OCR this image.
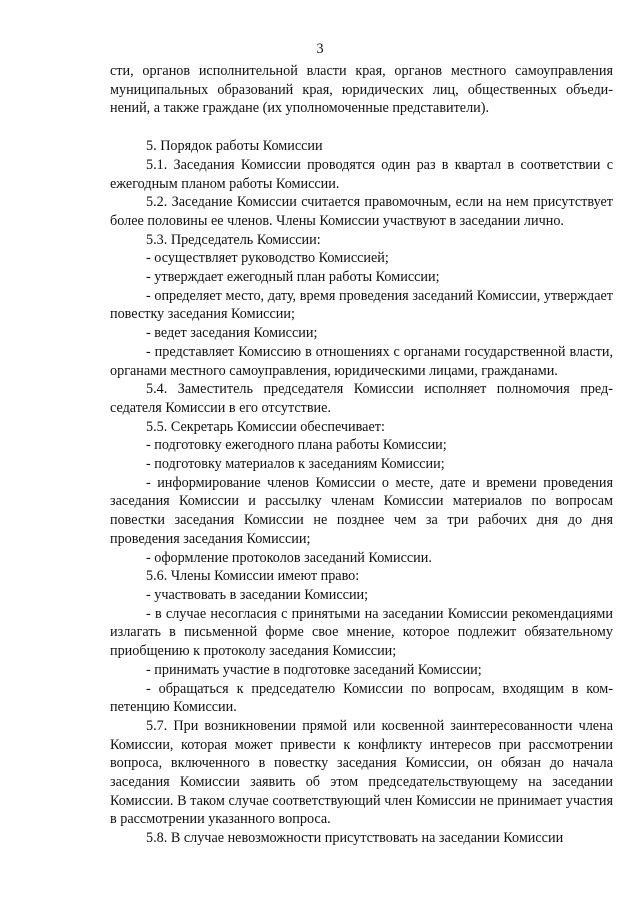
3

сти, органов исполнительной власти края, органов местного самоуправления муниципальных образований края, юридических лиц, общественных объединений, а также граждане (их уполномоченные представители).

5. Порядок работы Комиссии

5.1. Заседания Комиссии проводятся один раз в квартал в соответствии с ежегодным планом работы Комиссии.

5.2. Заседание Комиссии считается правомочным, если на нем присутствует более половины ее членов. Члены Комиссии участвуют в заседании лично.

5.3. Председатель Комиссии:

- осуществляет руководство Комиссией;

- утверждает ежегодный план работы Комиссии;

- определяет место, дату, время проведения заседаний Комиссии, утверждает повестку заседания Комиссии;

- ведет заседания Комиссии;

- представляет Комиссию в отношениях с органами государственной власти, органами местного самоуправления, юридическими лицами, гражданами.

5.4. Заместитель председателя Комиссии исполняет полномочия председателя Комиссии в его отсутствие.

5.5. Секретарь Комиссии обеспечивает:

- подготовку ежегодного плана работы Комиссии;

- подготовку материалов к заседаниям Комиссии;

- информирование членов Комиссии о месте, дате и времени проведения заседания Комиссии и рассылку членам Комиссии материалов по вопросам повестки заседания Комиссии не позднее чем за три рабочих дня до дня проведения заседания Комиссии;

- оформление протоколов заседаний Комиссии.

5.6. Члены Комиссии имеют право:

- участвовать в заседании Комиссии;

- в случае несогласия с принятыми на заседании Комиссии рекомендациями излагать в письменной форме свое мнение, которое подлежит обязательному приобщению к протоколу заседания Комиссии;

- принимать участие в подготовке заседаний Комиссии;

- обращаться к председателю Комиссии по вопросам, входящим в компетенцию Комиссии.

5.7. При возникновении прямой или косвенной заинтересованности члена Комиссии, которая может привести к конфликту интересов при рассмотрении вопроса, включенного в повестку заседания Комиссии, он обязан до начала заседания Комиссии заявить об этом председательствующему на заседании Комиссии. В таком случае соответствующий член Комиссии не принимает участия в рассмотрении указанного вопроса.

5.8. В случае невозможности присутствовать на заседании Комиссии
